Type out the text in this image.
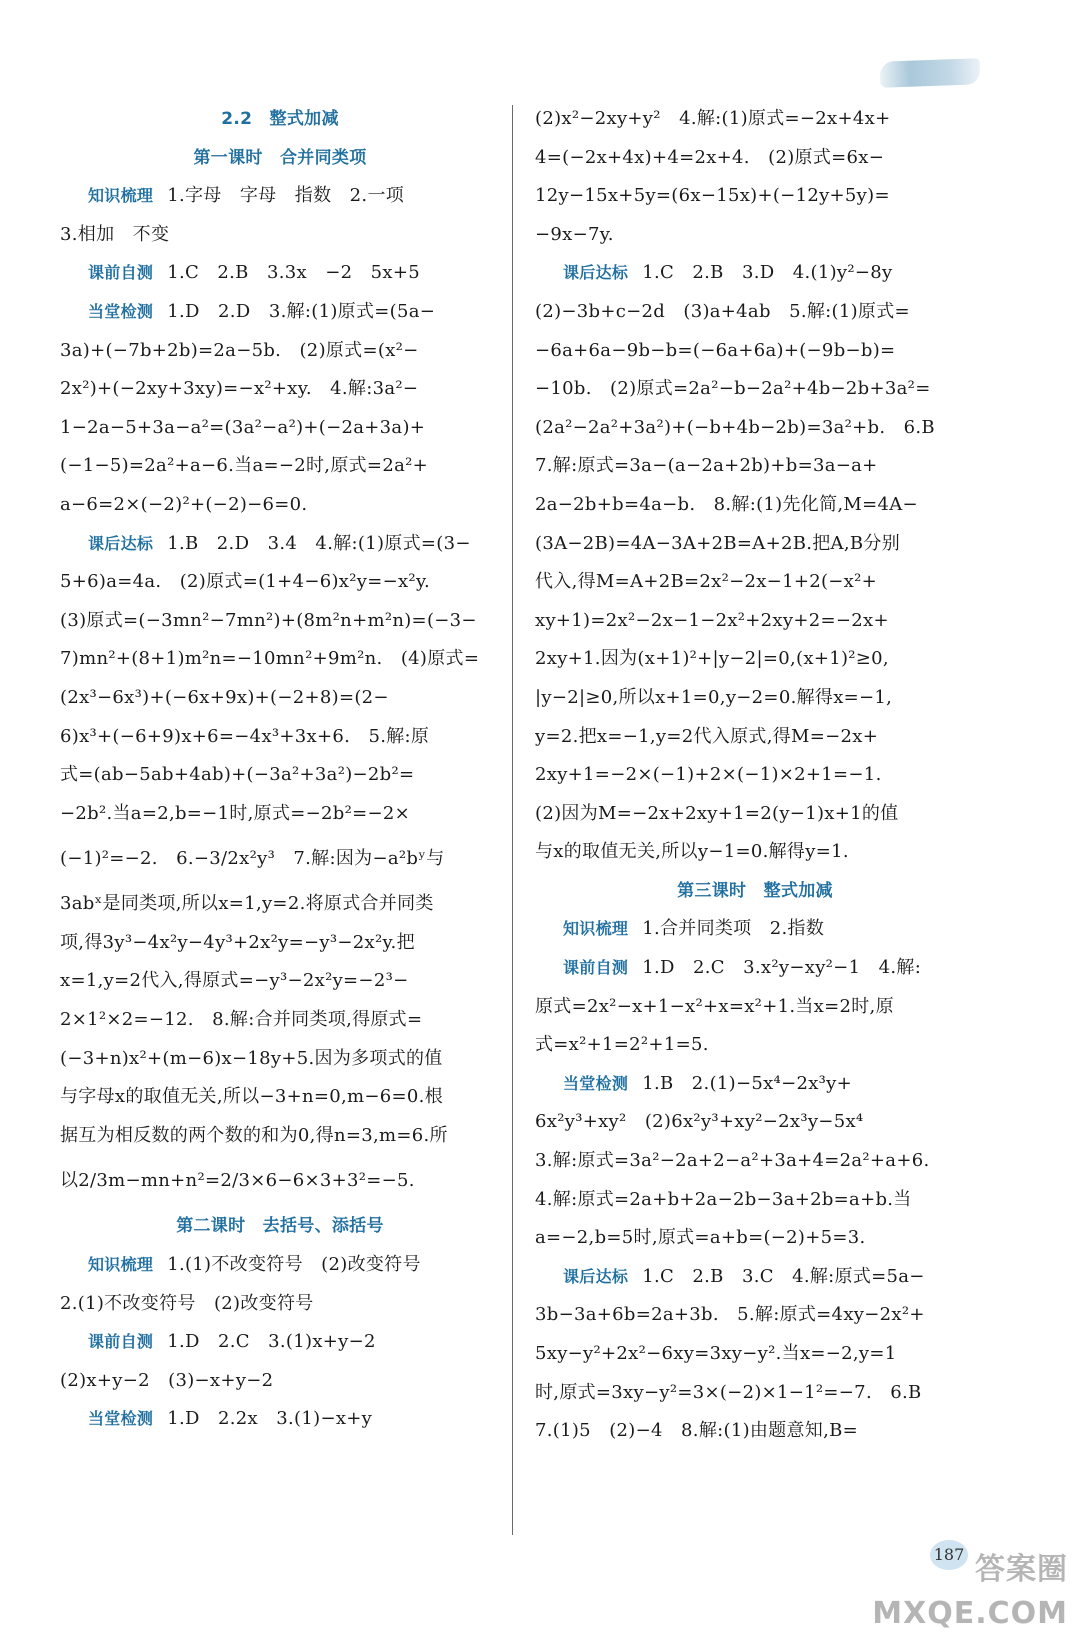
2.2　整式加减
第一课时　合并同类项
知识梳理 1.字母　字母　指数　2.一项
3.相加　不变
课前自测 1.C　2.B　3.3x　−2　5x+5
当堂检测 1.D　2.D　3.解:(1)原式=(5a−
3a)+(−7b+2b)=2a−5b.　(2)原式=(x²−
2x²)+(−2xy+3xy)=−x²+xy.　4.解:3a²−
1−2a−5+3a−a²=(3a²−a²)+(−2a+3a)+
(−1−5)=2a²+a−6.当a=−2时,原式=2a²+
a−6=2×(−2)²+(−2)−6=0.
课后达标 1.B　2.D　3.4　4.解:(1)原式=(3−
5+6)a=4a.　(2)原式=(1+4−6)x²y=−x²y.
(3)原式=(−3mn²−7mn²)+(8m²n+m²n)=(−3−
7)mn²+(8+1)m²n=−10mn²+9m²n.　(4)原式=
(2x³−6x³)+(−6x+9x)+(−2+8)=(2−
6)x³+(−6+9)x+6=−4x³+3x+6.　5.解:原
式=(ab−5ab+4ab)+(−3a²+3a²)−2b²=
−2b².当a=2,b=−1时,原式=−2b²=−2×
(−1)²=−2.　6.−3/2x²y³　7.解:因为−a²bʸ与
3abˣ是同类项,所以x=1,y=2.将原式合并同类
项,得3y³−4x²y−4y³+2x²y=−y³−2x²y.把
x=1,y=2代入,得原式=−y³−2x²y=−2³−
2×1²×2=−12.　8.解:合并同类项,得原式=
(−3+n)x²+(m−6)x−18y+5.因为多项式的值
与字母x的取值无关,所以−3+n=0,m−6=0.根
据互为相反数的两个数的和为0,得n=3,m=6.所
以2/3m−mn+n²=2/3×6−6×3+3²=−5.
第二课时　去括号、添括号
知识梳理 1.(1)不改变符号　(2)改变符号
2.(1)不改变符号　(2)改变符号
课前自测 1.D　2.C　3.(1)x+y−2
(2)x+y−2　(3)−x+y−2
当堂检测 1.D　2.2x　3.(1)−x+y
(2)x²−2xy+y²　4.解:(1)原式=−2x+4x+
4=(−2x+4x)+4=2x+4.　(2)原式=6x−
12y−15x+5y=(6x−15x)+(−12y+5y)=
−9x−7y.
课后达标 1.C　2.B　3.D　4.(1)y²−8y
(2)−3b+c−2d　(3)a+4ab　5.解:(1)原式=
−6a+6a−9b−b=(−6a+6a)+(−9b−b)=
−10b.　(2)原式=2a²−b−2a²+4b−2b+3a²=
(2a²−2a²+3a²)+(−b+4b−2b)=3a²+b.　6.B
7.解:原式=3a−(a−2a+2b)+b=3a−a+
2a−2b+b=4a−b.　8.解:(1)先化简,M=4A−
(3A−2B)=4A−3A+2B=A+2B.把A,B分别
代入,得M=A+2B=2x²−2x−1+2(−x²+
xy+1)=2x²−2x−1−2x²+2xy+2=−2x+
2xy+1.因为(x+1)²+|y−2|=0,(x+1)²≥0,
|y−2|≥0,所以x+1=0,y−2=0.解得x=−1,
y=2.把x=−1,y=2代入原式,得M=−2x+
2xy+1=−2×(−1)+2×(−1)×2+1=−1.
(2)因为M=−2x+2xy+1=2(y−1)x+1的值
与x的取值无关,所以y−1=0.解得y=1.
第三课时　整式加减
知识梳理 1.合并同类项　2.指数
课前自测 1.D　2.C　3.x²y−xy²−1　4.解:
原式=2x²−x+1−x²+x=x²+1.当x=2时,原
式=x²+1=2²+1=5.
当堂检测 1.B　2.(1)−5x⁴−2x³y+
6x²y³+xy²　(2)6x²y³+xy²−2x³y−5x⁴
3.解:原式=3a²−2a+2−a²+3a+4=2a²+a+6.
4.解:原式=2a+b+2a−2b−3a+2b=a+b.当
a=−2,b=5时,原式=a+b=(−2)+5=3.
课后达标 1.C　2.B　3.C　4.解:原式=5a−
3b−3a+6b=2a+3b.　5.解:原式=4xy−2x²+
5xy−y²+2x²−6xy=3xy−y².当x=−2,y=1
时,原式=3xy−y²=3×(−2)×1−1²=−7.　6.B
7.(1)5　(2)−4　8.解:(1)由题意知,B=
187 答案圈 MXQE.COM
